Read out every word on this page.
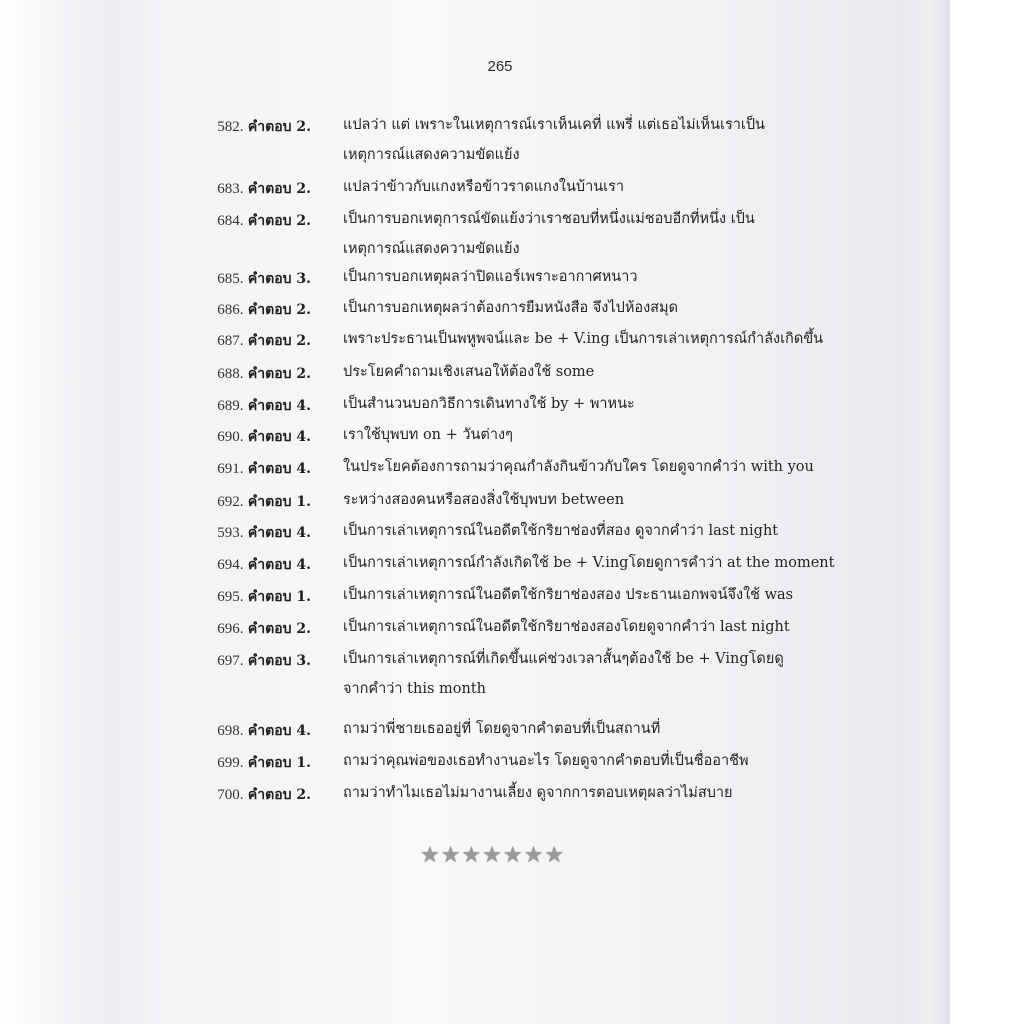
265
582. คำตอบ 2. แปลว่า แต่ เพราะในเหตุการณ์เราเห็นเคที่ แพรี่ แต่เธอไม่เห็นเราเป็น
เหตุการณ์แสดงความขัดแย้ง
683. คำตอบ 2. แปลว่าข้าวกับแกงหรือข้าวราดแกงในบ้านเรา
684. คำตอบ 2. เป็นการบอกเหตุการณ์ขัดแย้งว่าเราชอบที่หนึ่งแม่ชอบอีกที่หนึ่ง เป็น
เหตุการณ์แสดงความขัดแย้ง
685. คำตอบ 3. เป็นการบอกเหตุผลว่าปิดแอร์เพราะอากาศหนาว
686. คำตอบ 2. เป็นการบอกเหตุผลว่าต้องการยืมหนังสือ จึงไปห้องสมุด
687. คำตอบ 2. เพราะประธานเป็นพหูพจน์และ be + V.ing เป็นการเล่าเหตุการณ์กำลังเกิดขึ้น
688. คำตอบ 2. ประโยคคำถามเชิงเสนอให้ต้องใช้ some
689. คำตอบ 4. เป็นสำนวนบอกวิธีการเดินทางใช้ by + พาหนะ
690. คำตอบ 4. เราใช้บุพบท on + วันต่างๆ
691. คำตอบ 4. ในประโยคต้องการถามว่าคุณกำลังกินข้าวกับใคร โดยดูจากคำว่า with you
692. คำตอบ 1. ระหว่างสองคนหรือสองสิ่งใช้บุพบท between
593. คำตอบ 4. เป็นการเล่าเหตุการณ์ในอดีตใช้กริยาช่องที่สอง ดูจากคำว่า last night
694. คำตอบ 4. เป็นการเล่าเหตุการณ์กำลังเกิดใช้ be + V.ingโดยดูการคำว่า at the moment
695. คำตอบ 1. เป็นการเล่าเหตุการณ์ในอดีตใช้กริยาช่องสอง ประธานเอกพจน์จึงใช้ was
696. คำตอบ 2. เป็นการเล่าเหตุการณ์ในอดีตใช้กริยาช่องสองโดยดูจากคำว่า last night
697. คำตอบ 3. เป็นการเล่าเหตุการณ์ที่เกิดขึ้นแค่ช่วงเวลาสั้นๆต้องใช้ be + Vingโดยดู
จากคำว่า this month
698. คำตอบ 4. ถามว่าพี่ชายเธออยู่ที่ โดยดูจากคำตอบที่เป็นสถานที่
699. คำตอบ 1. ถามว่าคุณพ่อของเธอทำงานอะไร โดยดูจากคำตอบที่เป็นชื่ออาชีพ
700. คำตอบ 2. ถามว่าทำไมเธอไม่มางานเลี้ยง ดูจากการตอบเหตุผลว่าไม่สบาย
★★★★★★★
